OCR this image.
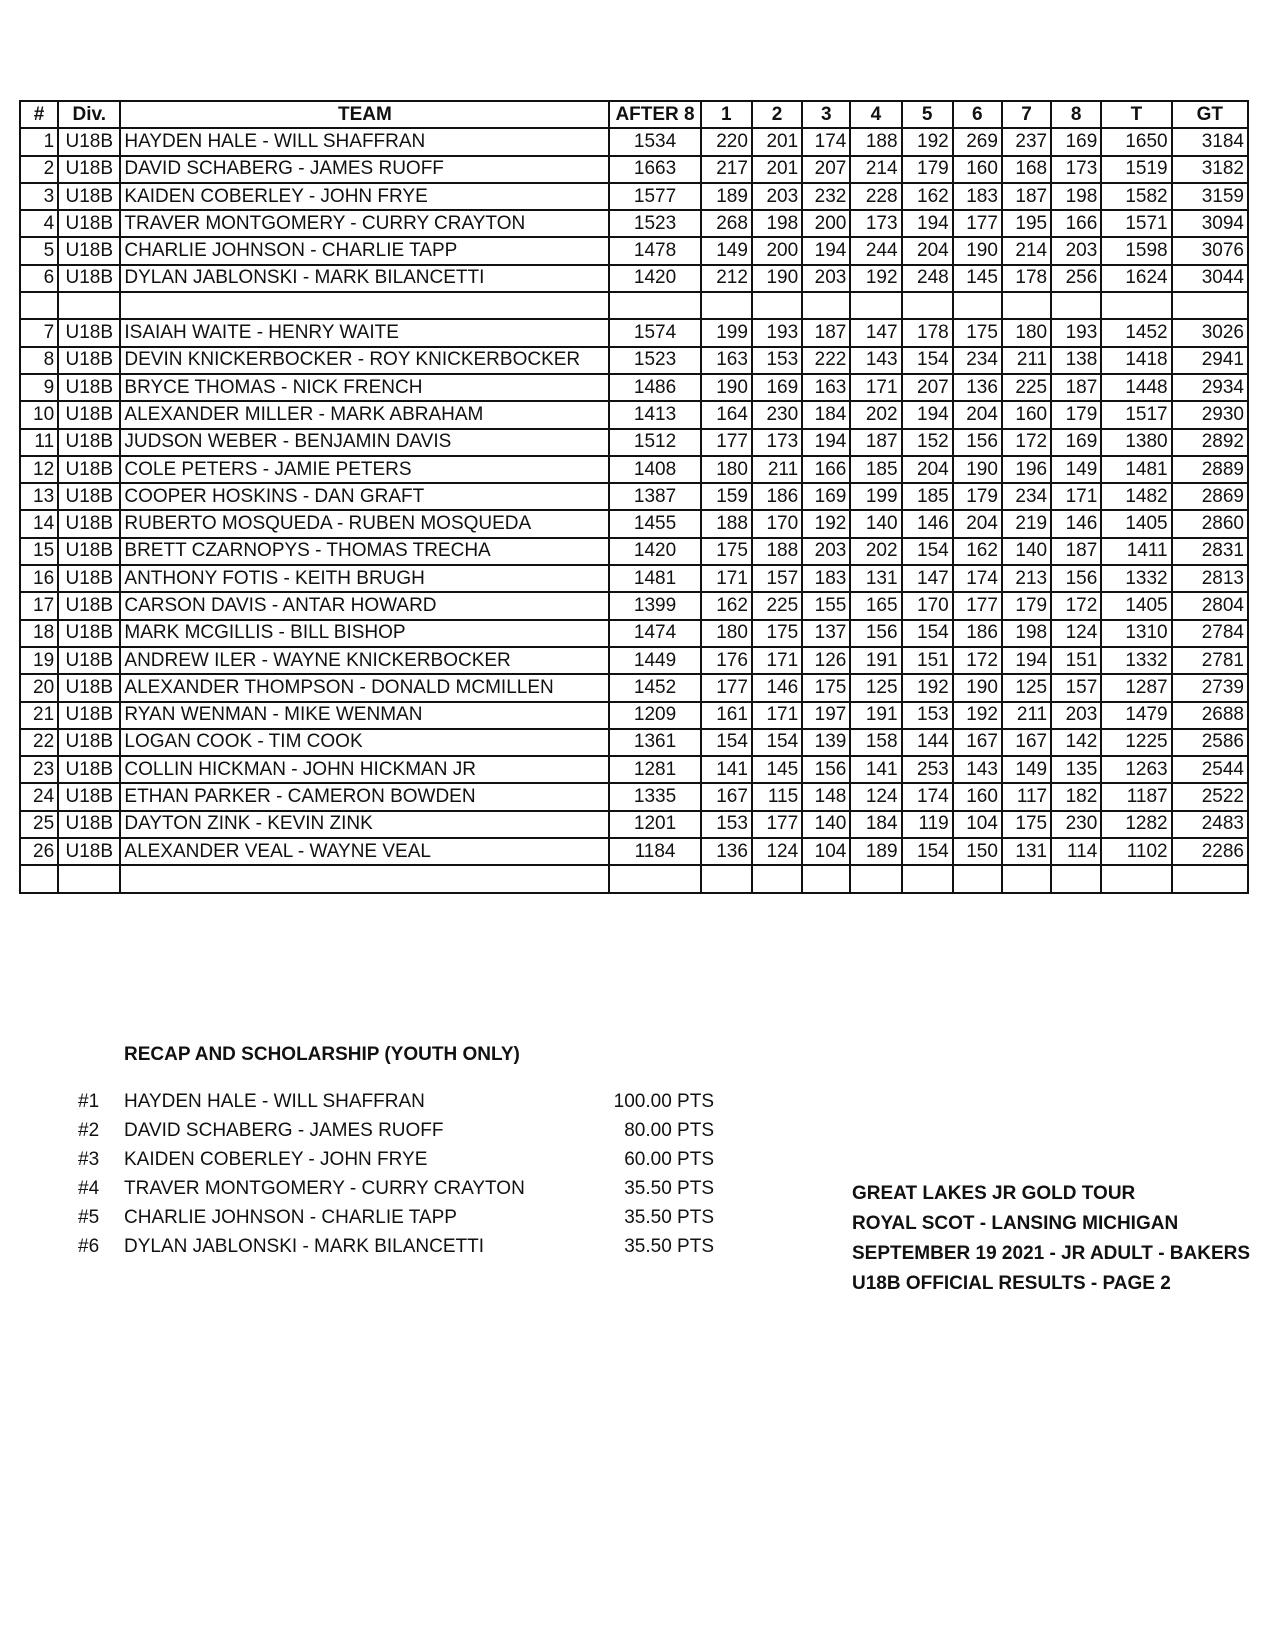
#	Div.	TEAM	AFTER 8	1	2	3	4	5	6	7	8	T	GT
1	U18B	HAYDEN HALE - WILL SHAFFRAN	1534	220	201	174	188	192	269	237	169	1650	3184
2	U18B	DAVID SCHABERG - JAMES RUOFF	1663	217	201	207	214	179	160	168	173	1519	3182
3	U18B	KAIDEN COBERLEY - JOHN FRYE	1577	189	203	232	228	162	183	187	198	1582	3159
4	U18B	TRAVER MONTGOMERY - CURRY CRAYTON	1523	268	198	200	173	194	177	195	166	1571	3094
5	U18B	CHARLIE JOHNSON - CHARLIE TAPP	1478	149	200	194	244	204	190	214	203	1598	3076
6	U18B	DYLAN JABLONSKI - MARK BILANCETTI	1420	212	190	203	192	248	145	178	256	1624	3044

7	U18B	ISAIAH WAITE - HENRY WAITE	1574	199	193	187	147	178	175	180	193	1452	3026
8	U18B	DEVIN KNICKERBOCKER - ROY KNICKERBOCKER	1523	163	153	222	143	154	234	211	138	1418	2941
9	U18B	BRYCE THOMAS - NICK FRENCH	1486	190	169	163	171	207	136	225	187	1448	2934
10	U18B	ALEXANDER MILLER - MARK ABRAHAM	1413	164	230	184	202	194	204	160	179	1517	2930
11	U18B	JUDSON WEBER - BENJAMIN DAVIS	1512	177	173	194	187	152	156	172	169	1380	2892
12	U18B	COLE PETERS - JAMIE PETERS	1408	180	211	166	185	204	190	196	149	1481	2889
13	U18B	COOPER HOSKINS - DAN GRAFT	1387	159	186	169	199	185	179	234	171	1482	2869
14	U18B	RUBERTO MOSQUEDA - RUBEN MOSQUEDA	1455	188	170	192	140	146	204	219	146	1405	2860
15	U18B	BRETT CZARNOPYS - THOMAS TRECHA	1420	175	188	203	202	154	162	140	187	1411	2831
16	U18B	ANTHONY FOTIS - KEITH BRUGH	1481	171	157	183	131	147	174	213	156	1332	2813
17	U18B	CARSON DAVIS - ANTAR HOWARD	1399	162	225	155	165	170	177	179	172	1405	2804
18	U18B	MARK MCGILLIS - BILL BISHOP	1474	180	175	137	156	154	186	198	124	1310	2784
19	U18B	ANDREW ILER - WAYNE KNICKERBOCKER	1449	176	171	126	191	151	172	194	151	1332	2781
20	U18B	ALEXANDER THOMPSON - DONALD MCMILLEN	1452	177	146	175	125	192	190	125	157	1287	2739
21	U18B	RYAN WENMAN - MIKE WENMAN	1209	161	171	197	191	153	192	211	203	1479	2688
22	U18B	LOGAN COOK - TIM COOK	1361	154	154	139	158	144	167	167	142	1225	2586
23	U18B	COLLIN HICKMAN - JOHN HICKMAN JR	1281	141	145	156	141	253	143	149	135	1263	2544
24	U18B	ETHAN PARKER - CAMERON BOWDEN	1335	167	115	148	124	174	160	117	182	1187	2522
25	U18B	DAYTON ZINK - KEVIN ZINK	1201	153	177	140	184	119	104	175	230	1282	2483
26	U18B	ALEXANDER VEAL - WAYNE VEAL	1184	136	124	104	189	154	150	131	114	1102	2286

RECAP AND SCHOLARSHIP (YOUTH ONLY)
#1 HAYDEN HALE - WILL SHAFFRAN	100.00 PTS
#2 DAVID SCHABERG - JAMES RUOFF	80.00 PTS
#3 KAIDEN COBERLEY - JOHN FRYE	60.00 PTS
#4 TRAVER MONTGOMERY - CURRY CRAYTON	35.50 PTS
#5 CHARLIE JOHNSON - CHARLIE TAPP	35.50 PTS
#6 DYLAN JABLONSKI - MARK BILANCETTI	35.50 PTS
GREAT LAKES JR GOLD TOUR
ROYAL SCOT - LANSING MICHIGAN
SEPTEMBER 19 2021 - JR ADULT - BAKERS
U18B OFFICIAL RESULTS - PAGE 2
